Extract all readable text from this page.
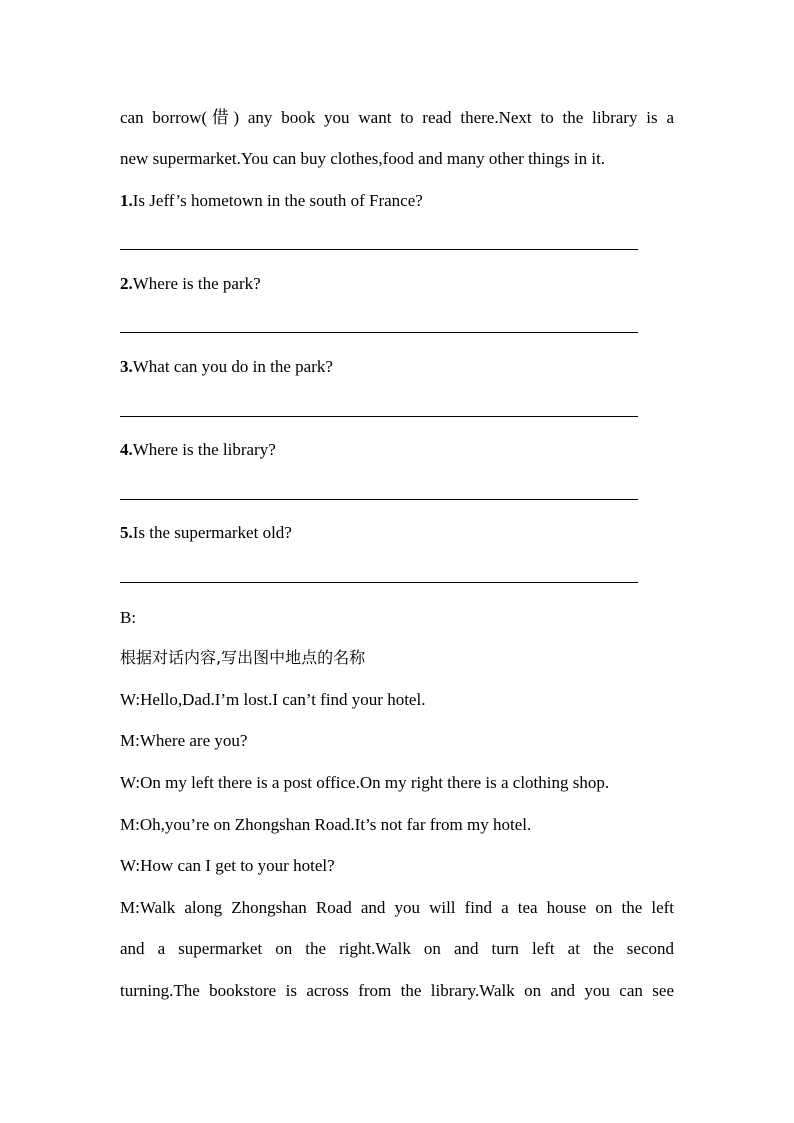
can borrow(借) any book you want to read there.Next to the library is a
new supermarket.You can buy clothes,food and many other things in it.
1.Is Jeff’s hometown in the south of France?
2.Where is the park?
3.What can you do in the park?
4.Where is the library?
5.Is the supermarket old?
B:
根据对话内容,写出图中地点的名称
W:Hello,Dad.I’m lost.I can’t find your hotel.
M:Where are you?
W:On my left there is a post office.On my right there is a clothing shop.
M:Oh,you’re on Zhongshan Road.It’s not far from my hotel.
W:How can I get to your hotel?
M:Walk along Zhongshan Road and you will find a tea house on the left
and a supermarket on the right.Walk on and turn left at the second
turning.The bookstore is across from the library.Walk on and you can see
